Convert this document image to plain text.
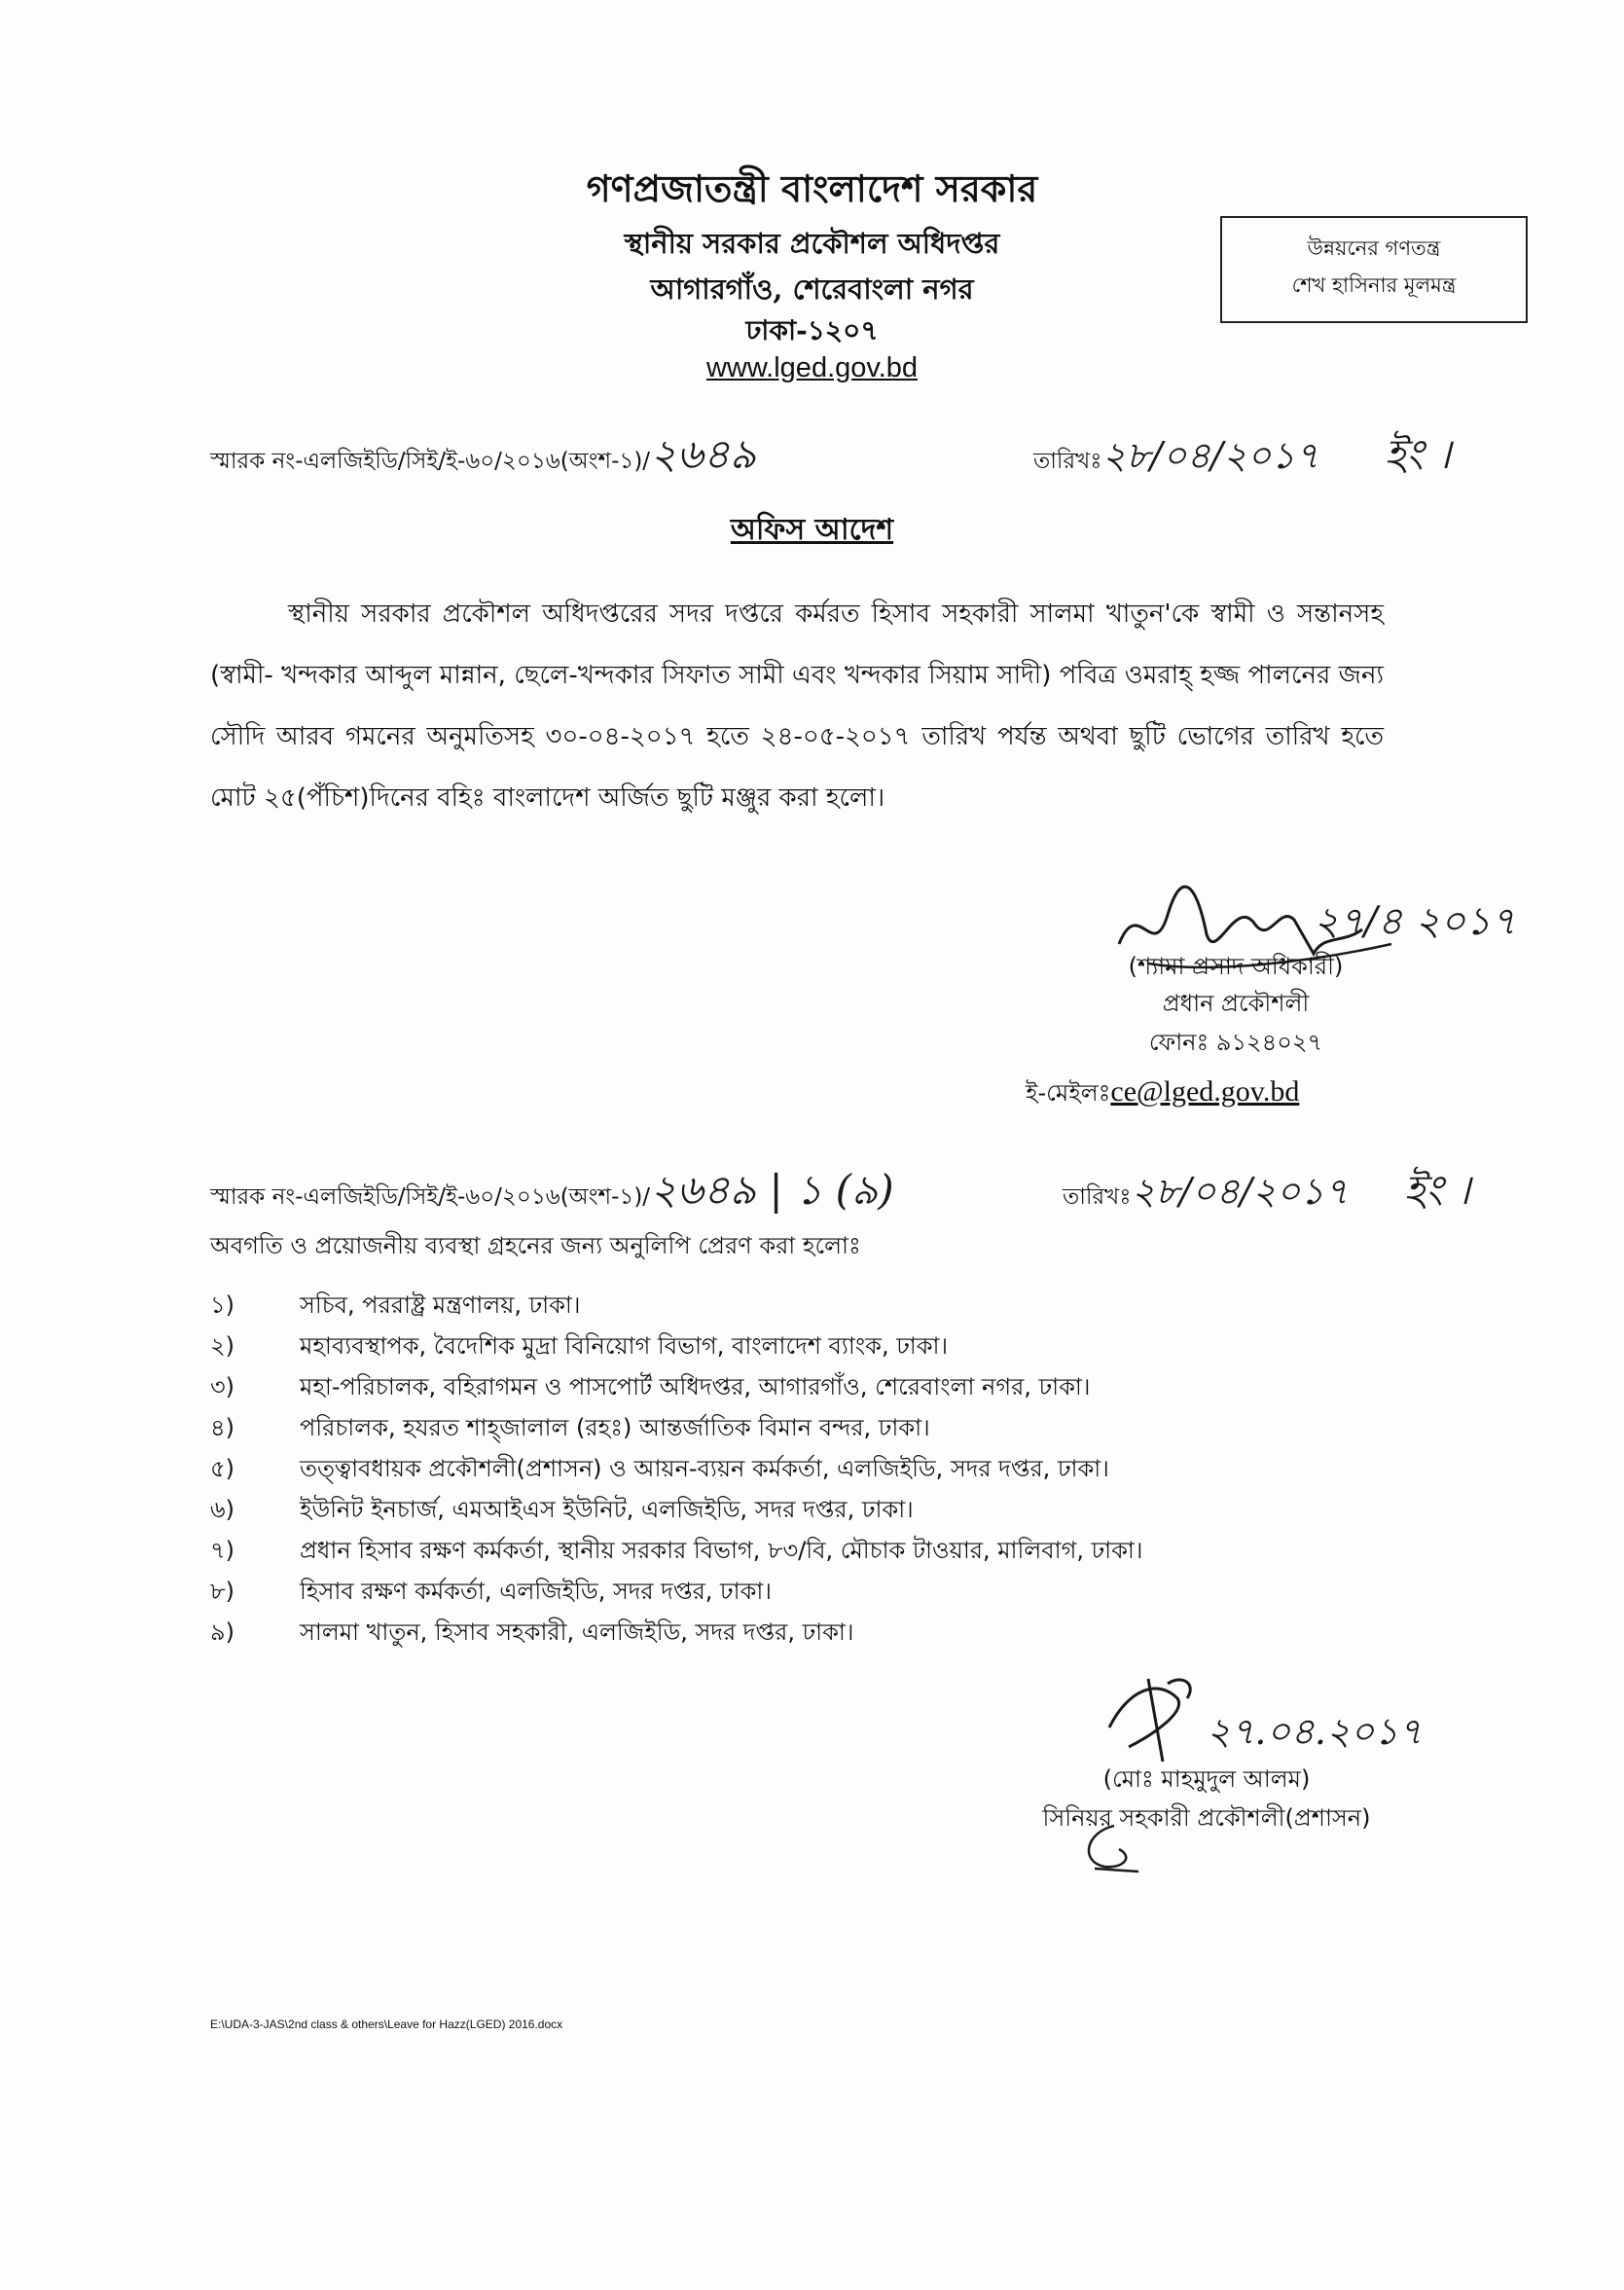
গণপ্রজাতন্ত্রী বাংলাদেশ সরকার
স্থানীয় সরকার প্রকৌশল অধিদপ্তর
আগারগাঁও, শেরেবাংলা নগর
ঢাকা-১২০৭
www.lged.gov.bd
উন্নয়নের গণতন্ত্র
শেখ হাসিনার মূলমন্ত্র
স্মারক নং-এলজিইডি/সিই/ই-৬০/২০১৬(অংশ-১)/২৬৪৯	তারিখঃ২৮/০৪/২০১৭ ইং ।
অফিস আদেশ
স্থানীয় সরকার প্রকৌশল অধিদপ্তরের সদর দপ্তরে কর্মরত হিসাব সহকারী সালমা খাতুন'কে স্বামী ও সন্তানসহ (স্বামী- খন্দকার আব্দুল মান্নান, ছেলে-খন্দকার সিফাত সামী এবং খন্দকার সিয়াম সাদী) পবিত্র ওমরাহ্‌ হজ্জ পালনের জন্য সৌদি আরব গমনের অনুমতিসহ ৩০-০৪-২০১৭ হতে ২৪-০৫-২০১৭ তারিখ পর্যন্ত অথবা ছুটি ভোগের তারিখ হতে মোট ২৫(পঁচিশ)দিনের বহিঃ বাংলাদেশ অর্জিত ছুটি মঞ্জুর করা হলো।
২৭/৪ ২০১৭
(শ্যামা প্রসাদ অধিকারী)
প্রধান প্রকৌশলী
ফোনঃ ৯১২৪০২৭
ই-মেইলঃce@lged.gov.bd
স্মারক নং-এলজিইডি/সিই/ই-৬০/২০১৬(অংশ-১)/২৬৪৯ | ১ (৯)	তারিখঃ২৮/০৪/২০১৭ ইং ।
অবগতি ও প্রয়োজনীয় ব্যবস্থা গ্রহনের জন্য অনুলিপি প্রেরণ করা হলোঃ
১)	সচিব, পররাষ্ট্র মন্ত্রণালয়, ঢাকা।
২)	মহাব্যবস্থাপক, বৈদেশিক মুদ্রা বিনিয়োগ বিভাগ, বাংলাদেশ ব্যাংক, ঢাকা।
৩)	মহা-পরিচালক, বহিরাগমন ও পাসপোর্ট অধিদপ্তর, আগারগাঁও, শেরেবাংলা নগর, ঢাকা।
৪)	পরিচালক, হযরত শাহ্‌জালাল (রহঃ) আন্তর্জাতিক বিমান বন্দর, ঢাকা।
৫)	তত্ত্বাবধায়ক প্রকৌশলী(প্রশাসন) ও আয়ন-ব্যয়ন কর্মকর্তা, এলজিইডি, সদর দপ্তর, ঢাকা।
৬)	ইউনিট ইনচার্জ, এমআইএস ইউনিট, এলজিইডি, সদর দপ্তর, ঢাকা।
৭)	প্রধান হিসাব রক্ষণ কর্মকর্তা, স্থানীয় সরকার বিভাগ, ৮৩/বি, মৌচাক টাওয়ার, মালিবাগ, ঢাকা।
৮)	হিসাব রক্ষণ কর্মকর্তা, এলজিইডি, সদর দপ্তর, ঢাকা।
৯)	সালমা খাতুন, হিসাব সহকারী, এলজিইডি, সদর দপ্তর, ঢাকা।
২৭.০৪.২০১৭
(মোঃ মাহমুদুল আলম)
সিনিয়র সহকারী প্রকৌশলী(প্রশাসন)
E:\UDA-3-JAS\2nd class & others\Leave for Hazz(LGED) 2016.docx
